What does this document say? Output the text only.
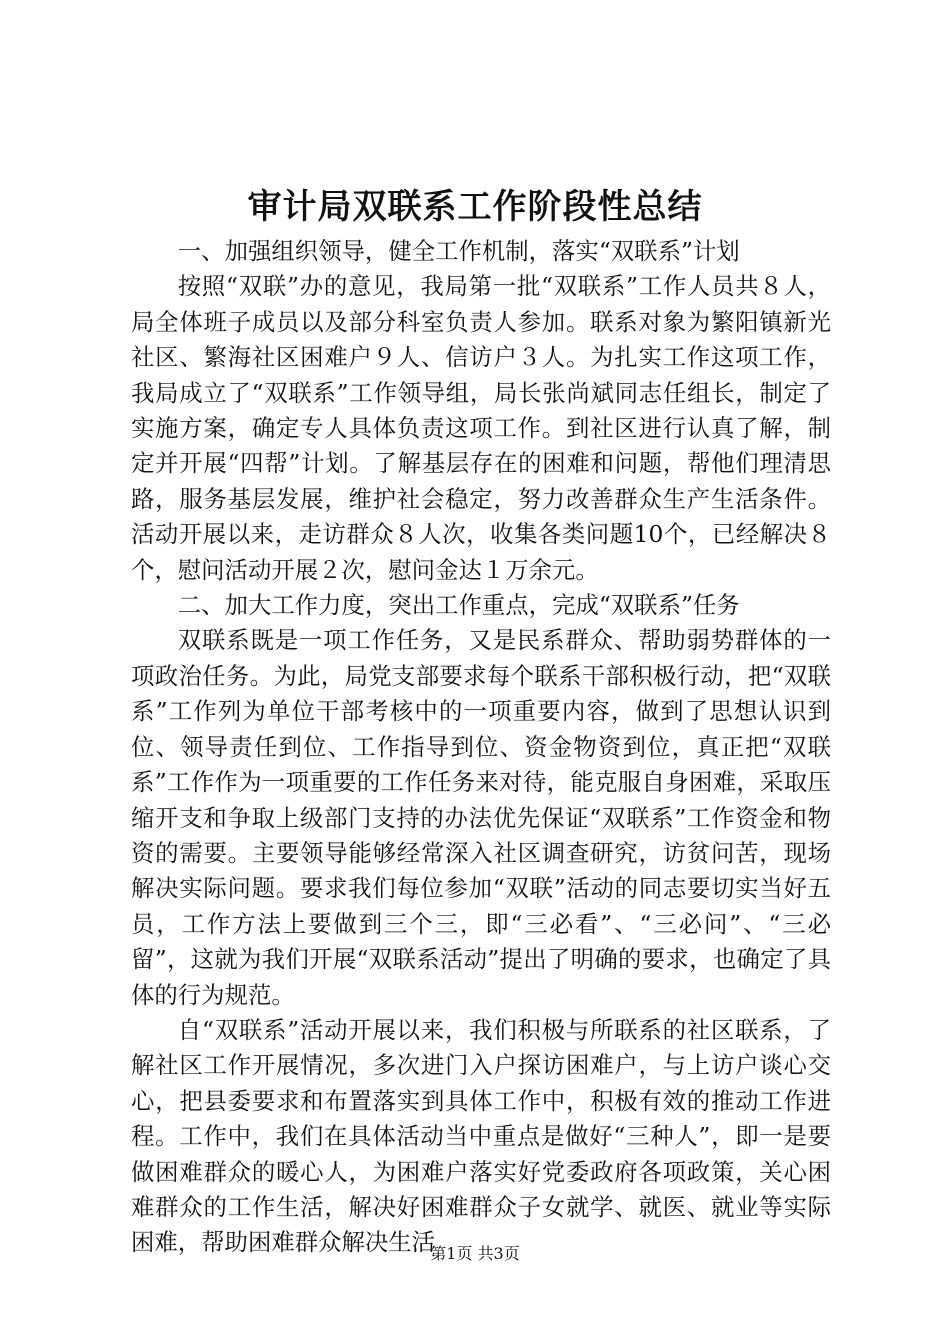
审计局双联系工作阶段性总结

一、加强组织领导，健全工作机制，落实“双联系”计划

按照“双联”办的意见，我局第一批“双联系”工作人员共８人，局全体班子成员以及部分科室负责人参加。联系对象为繁阳镇新光社区、繁海社区困难户９人、信访户３人。为扎实工作这项工作，我局成立了“双联系”工作领导组，局长张尚斌同志任组长，制定了实施方案，确定专人具体负责这项工作。到社区进行认真了解，制定并开展“四帮”计划。了解基层存在的困难和问题，帮他们理清思路，服务基层发展，维护社会稳定，努力改善群众生产生活条件。活动开展以来，走访群众８人次，收集各类问题10个，已经解决８个，慰问活动开展２次，慰问金达１万余元。

二、加大工作力度，突出工作重点，完成“双联系”任务

双联系既是一项工作任务，又是民系群众、帮助弱势群体的一项政治任务。为此，局党支部要求每个联系干部积极行动，把“双联系”工作列为单位干部考核中的一项重要内容，做到了思想认识到位、领导责任到位、工作指导到位、资金物资到位，真正把“双联系”工作作为一项重要的工作任务来对待，能克服自身困难，采取压缩开支和争取上级部门支持的办法优先保证“双联系”工作资金和物资的需要。主要领导能够经常深入社区调查研究，访贫问苦，现场解决实际问题。要求我们每位参加“双联”活动的同志要切实当好五员，工作方法上要做到三个三，即“三必看”、“三必问”、“三必留”，这就为我们开展“双联系活动”提出了明确的要求，也确定了具体的行为规范。

自“双联系”活动开展以来，我们积极与所联系的社区联系，了解社区工作开展情况，多次进门入户探访困难户，与上访户谈心交心，把县委要求和布置落实到具体工作中，积极有效的推动工作进程。工作中，我们在具体活动当中重点是做好“三种人”，即一是要做困难群众的暖心人，为困难户落实好党委政府各项政策，关心困难群众的工作生活，解决好困难群众子女就学、就医、就业等实际困难，帮助困难群众解决生活

第1页 共3页
